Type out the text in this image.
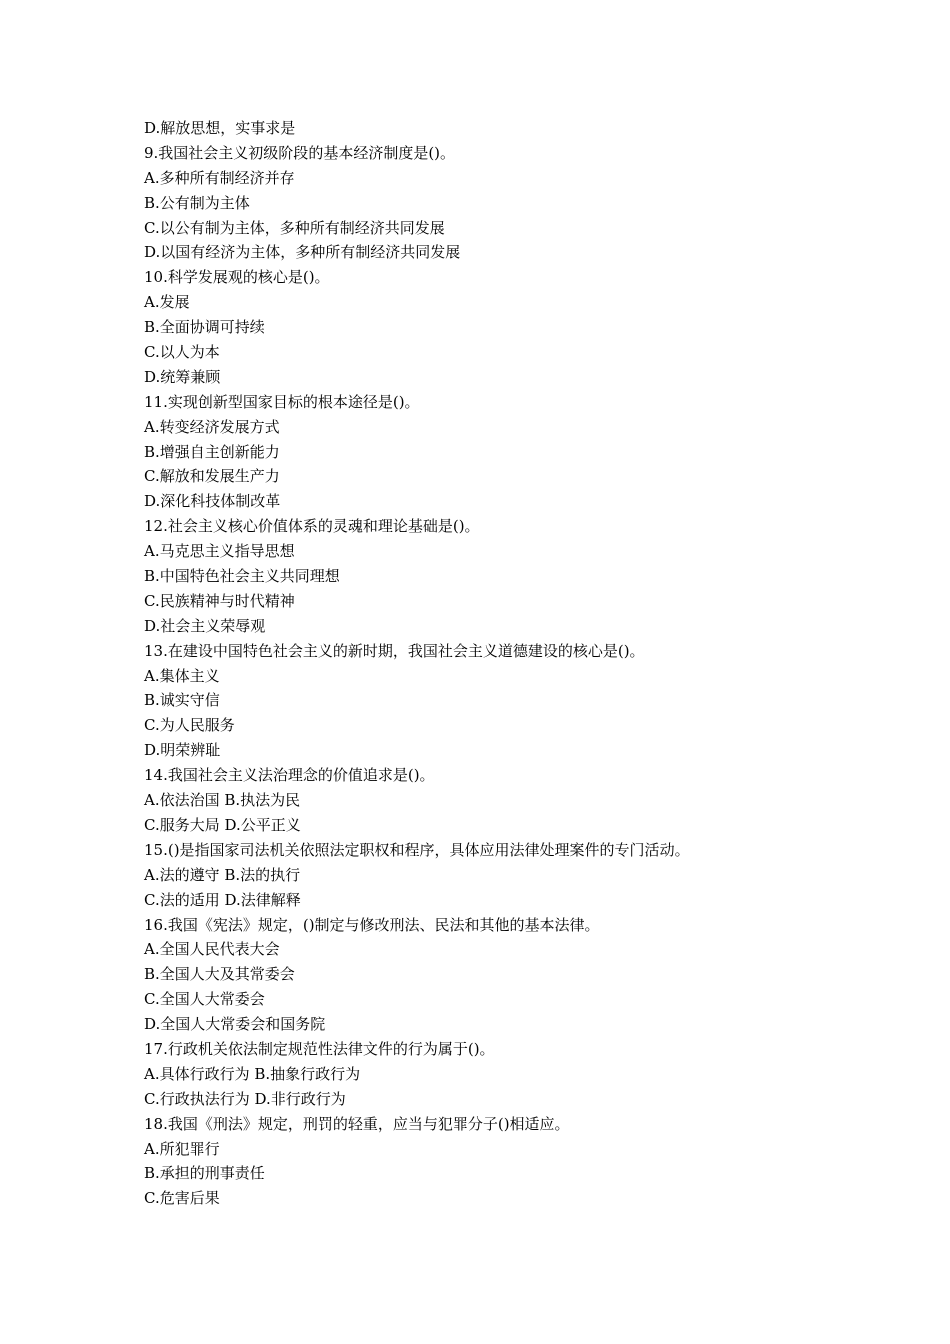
D.解放思想，实事求是
9.我国社会主义初级阶段的基本经济制度是()。
A.多种所有制经济并存
B.公有制为主体
C.以公有制为主体，多种所有制经济共同发展
D.以国有经济为主体，多种所有制经济共同发展
10.科学发展观的核心是()。
A.发展
B.全面协调可持续
C.以人为本
D.统筹兼顾
11.实现创新型国家目标的根本途径是()。
A.转变经济发展方式
B.增强自主创新能力
C.解放和发展生产力
D.深化科技体制改革
12.社会主义核心价值体系的灵魂和理论基础是()。
A.马克思主义指导思想
B.中国特色社会主义共同理想
C.民族精神与时代精神
D.社会主义荣辱观
13.在建设中国特色社会主义的新时期，我国社会主义道德建设的核心是()。
A.集体主义
B.诚实守信
C.为人民服务
D.明荣辨耻
14.我国社会主义法治理念的价值追求是()。
A.依法治国 B.执法为民
C.服务大局 D.公平正义
15.()是指国家司法机关依照法定职权和程序，具体应用法律处理案件的专门活动。
A.法的遵守 B.法的执行
C.法的适用 D.法律解释
16.我国《宪法》规定，()制定与修改刑法、民法和其他的基本法律。
A.全国人民代表大会
B.全国人大及其常委会
C.全国人大常委会
D.全国人大常委会和国务院
17.行政机关依法制定规范性法律文件的行为属于()。
A.具体行政行为 B.抽象行政行为
C.行政执法行为 D.非行政行为
18.我国《刑法》规定，刑罚的轻重，应当与犯罪分子()相适应。
A.所犯罪行
B.承担的刑事责任
C.危害后果
